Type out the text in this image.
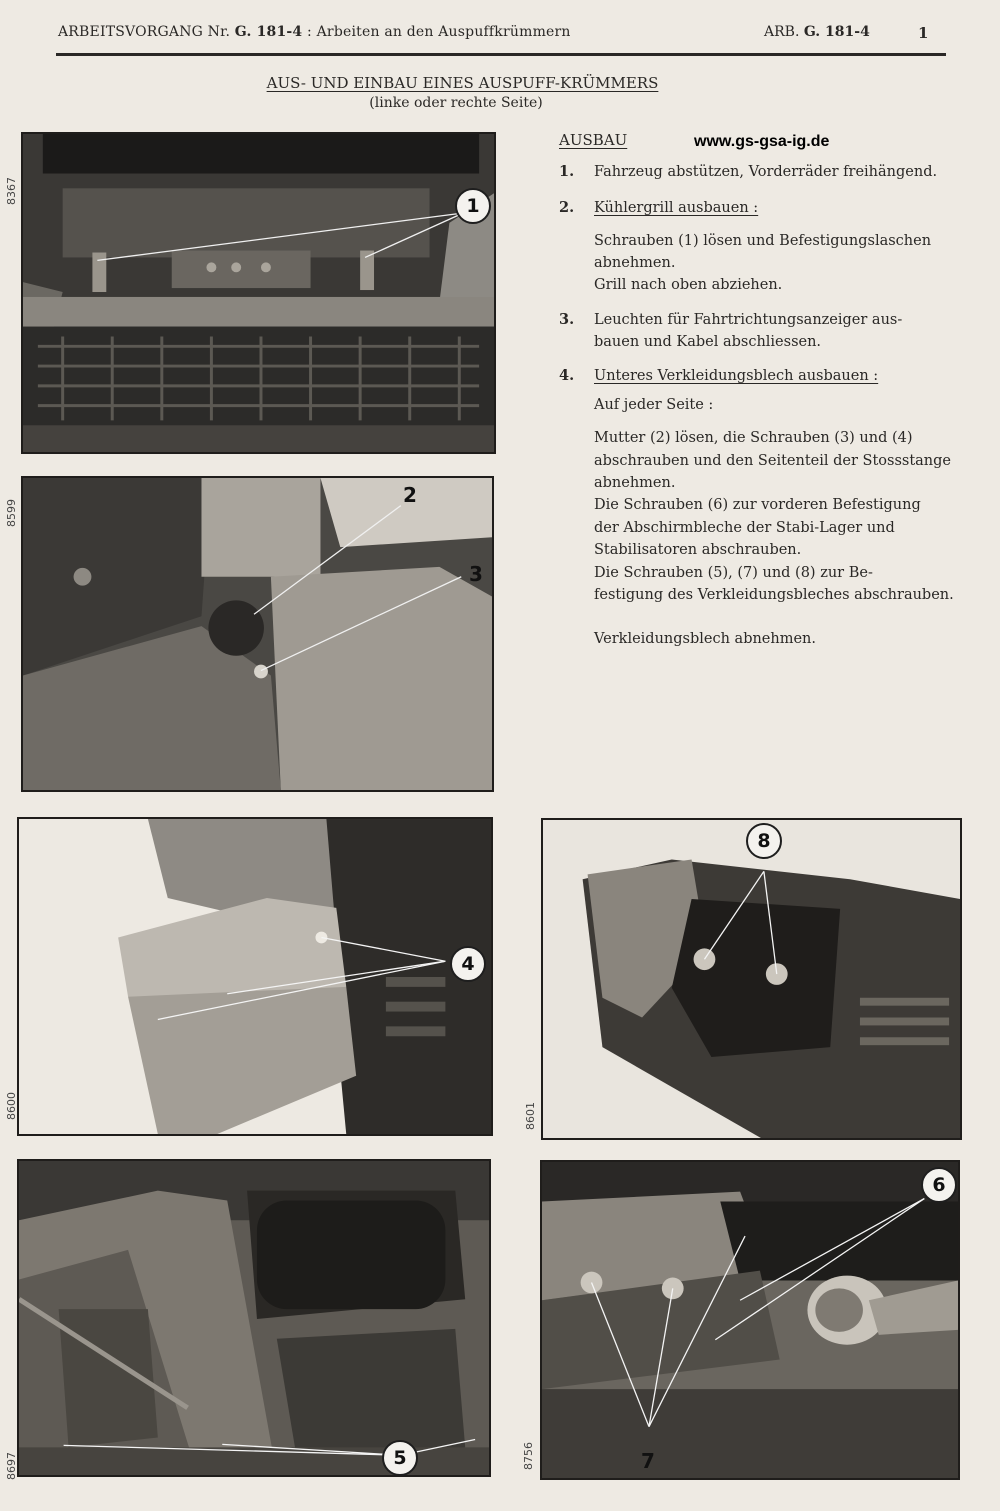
ARBEITSVORGANG Nr. G. 181-4 : Arbeiten an den Auspuffkrümmern	ARB. G. 181-4	1
AUS- UND EINBAU EINES AUSPUFF-KRÜMMERS
(linke oder rechte Seite)
8367
1
8599
2
3
8600
4
8601
8
8697	5	8756
6
7
AUSBAU	www.gs-gsa-ig.de
1. Fahrzeug abstützen, Vorderräder freihängend.
2. Kühlergrill ausbauen :
Schrauben (1) lösen und Befestigungslaschen
abnehmen.
Grill nach oben abziehen.
3. Leuchten für Fahrtrichtungsanzeiger aus-
bauen und Kabel abschliessen.
4. Unteres Verkleidungsblech ausbauen :
Auf jeder Seite :
Mutter (2) lösen, die Schrauben (3) und (4)
abschrauben und den Seitenteil der Stossstange
abnehmen.
Die Schrauben (6) zur vorderen Befestigung
der Abschirmbleche der Stabi-Lager und
Stabilisatoren abschrauben.
Die Schrauben (5), (7) und (8) zur Be-
festigung des Verkleidungsbleches abschrauben.
Verkleidungsblech abnehmen.
